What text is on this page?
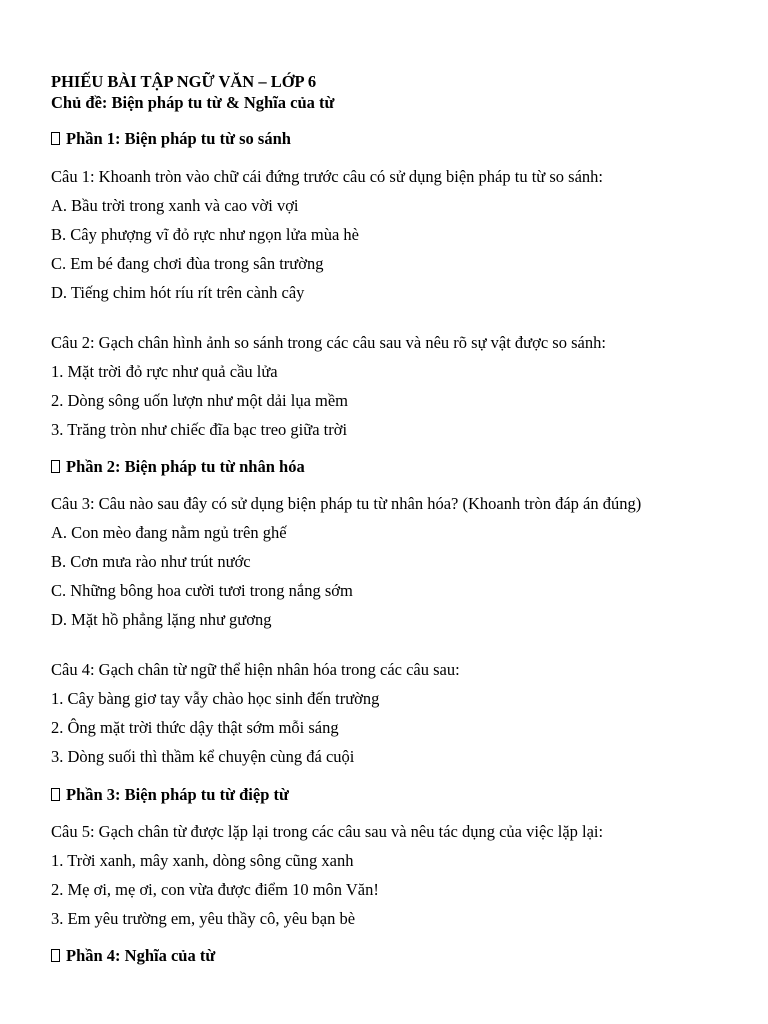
PHIẾU BÀI TẬP NGỮ VĂN – LỚP 6
Chủ đề: Biện pháp tu từ & Nghĩa của từ
Phần 1: Biện pháp tu từ so sánh
Câu 1: Khoanh tròn vào chữ cái đứng trước câu có sử dụng biện pháp tu từ so sánh:
A. Bầu trời trong xanh và cao vời vợi
B. Cây phượng vĩ đỏ rực như ngọn lửa mùa hè
C. Em bé đang chơi đùa trong sân trường
D. Tiếng chim hót ríu rít trên cành cây
Câu 2: Gạch chân hình ảnh so sánh trong các câu sau và nêu rõ sự vật được so sánh:
1. Mặt trời đỏ rực như quả cầu lửa
2. Dòng sông uốn lượn như một dải lụa mềm
3. Trăng tròn như chiếc đĩa bạc treo giữa trời
Phần 2: Biện pháp tu từ nhân hóa
Câu 3: Câu nào sau đây có sử dụng biện pháp tu từ nhân hóa? (Khoanh tròn đáp án đúng)
A. Con mèo đang nằm ngủ trên ghế
B. Cơn mưa rào như trút nước
C. Những bông hoa cười tươi trong nắng sớm
D. Mặt hồ phẳng lặng như gương
Câu 4: Gạch chân từ ngữ thể hiện nhân hóa trong các câu sau:
1. Cây bàng giơ tay vẫy chào học sinh đến trường
2. Ông mặt trời thức dậy thật sớm mỗi sáng
3. Dòng suối thì thầm kể chuyện cùng đá cuội
Phần 3: Biện pháp tu từ điệp từ
Câu 5: Gạch chân từ được lặp lại trong các câu sau và nêu tác dụng của việc lặp lại:
1. Trời xanh, mây xanh, dòng sông cũng xanh
2. Mẹ ơi, mẹ ơi, con vừa được điểm 10 môn Văn!
3. Em yêu trường em, yêu thầy cô, yêu bạn bè
Phần 4: Nghĩa của từ
